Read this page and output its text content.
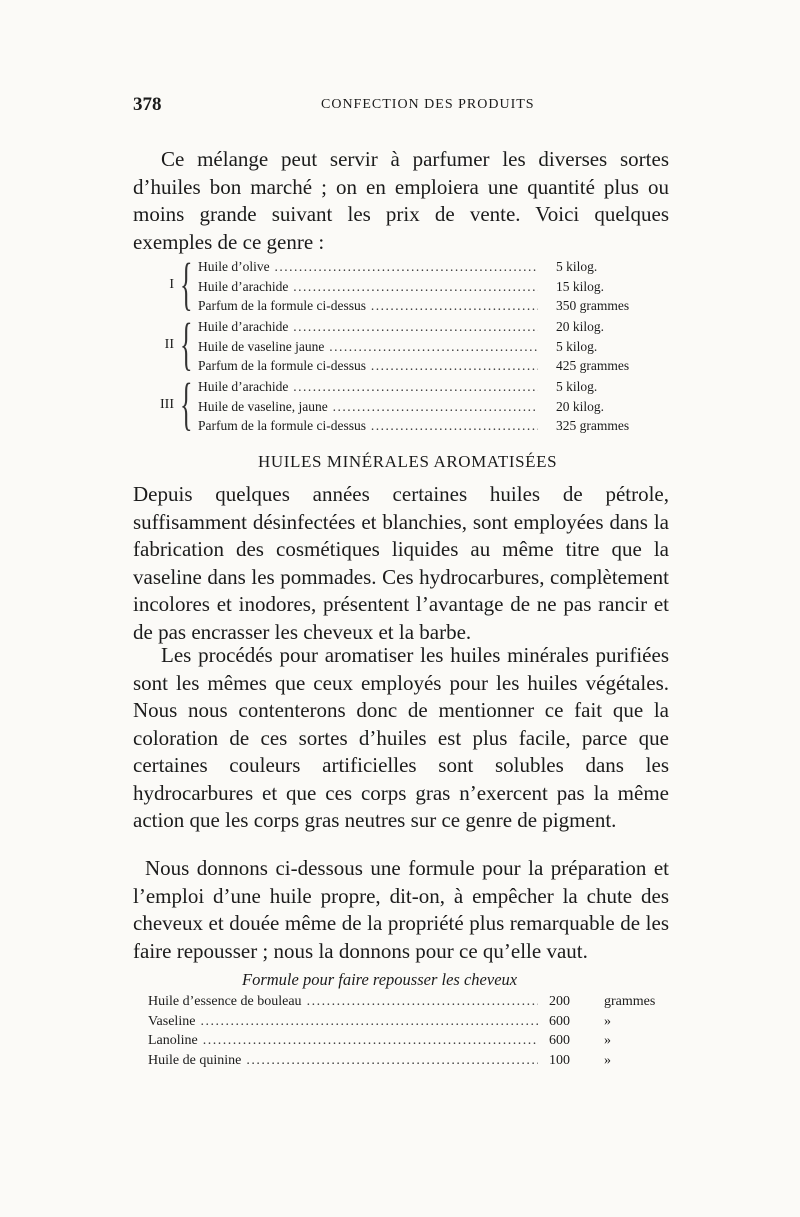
378	CONFECTION DES PRODUITS
Ce mélange peut servir à parfumer les diverses sortes d’huiles bon marché ; on en emploiera une quantité plus ou moins grande suivant les prix de vente. Voici quelques exemples de ce genre :
I { Huile d’olive .....	5 kilog.
Huile d’arachide .....	15 kilog.
Parfum de la formule ci-dessus .....	350 grammes
II { Huile d’arachide .....	20 kilog.
Huile de vaseline jaune .....	5 kilog.
Parfum de la formule ci-dessus .....	425 grammes
III { Huile d’arachide .....	5 kilog.
Huile de vaseline, jaune .....	20 kilog.
Parfum de la formule ci-dessus .....	325 grammes
HUILES MINÉRALES AROMATISÉES
Depuis quelques années certaines huiles de pétrole, suffisamment désinfectées et blanchies, sont employées dans la fabrication des cosmétiques liquides au même titre que la vaseline dans les pommades. Ces hydrocarbures, complètement incolores et inodores, présentent l’avantage de ne pas rancir et de pas encrasser les cheveux et la barbe.
Les procédés pour aromatiser les huiles minérales purifiées sont les mêmes que ceux employés pour les huiles végétales. Nous nous contenterons donc de mentionner ce fait que la coloration de ces sortes d’huiles est plus facile, parce que certaines couleurs artificielles sont solubles dans les hydrocarbures et que ces corps gras n’exercent pas la même action que les corps gras neutres sur ce genre de pigment.
Nous donnons ci-dessous une formule pour la préparation et l’emploi d’une huile propre, dit-on, à empêcher la chute des cheveux et douée même de la propriété plus remarquable de les faire repousser ; nous la donnons pour ce qu’elle vaut.
Formule pour faire repousser les cheveux
Huile d’essence de bouleau .....	200 grammes
Vaseline .....	600 »
Lanoline .....	600 »
Huile de quinine .....	100 »
